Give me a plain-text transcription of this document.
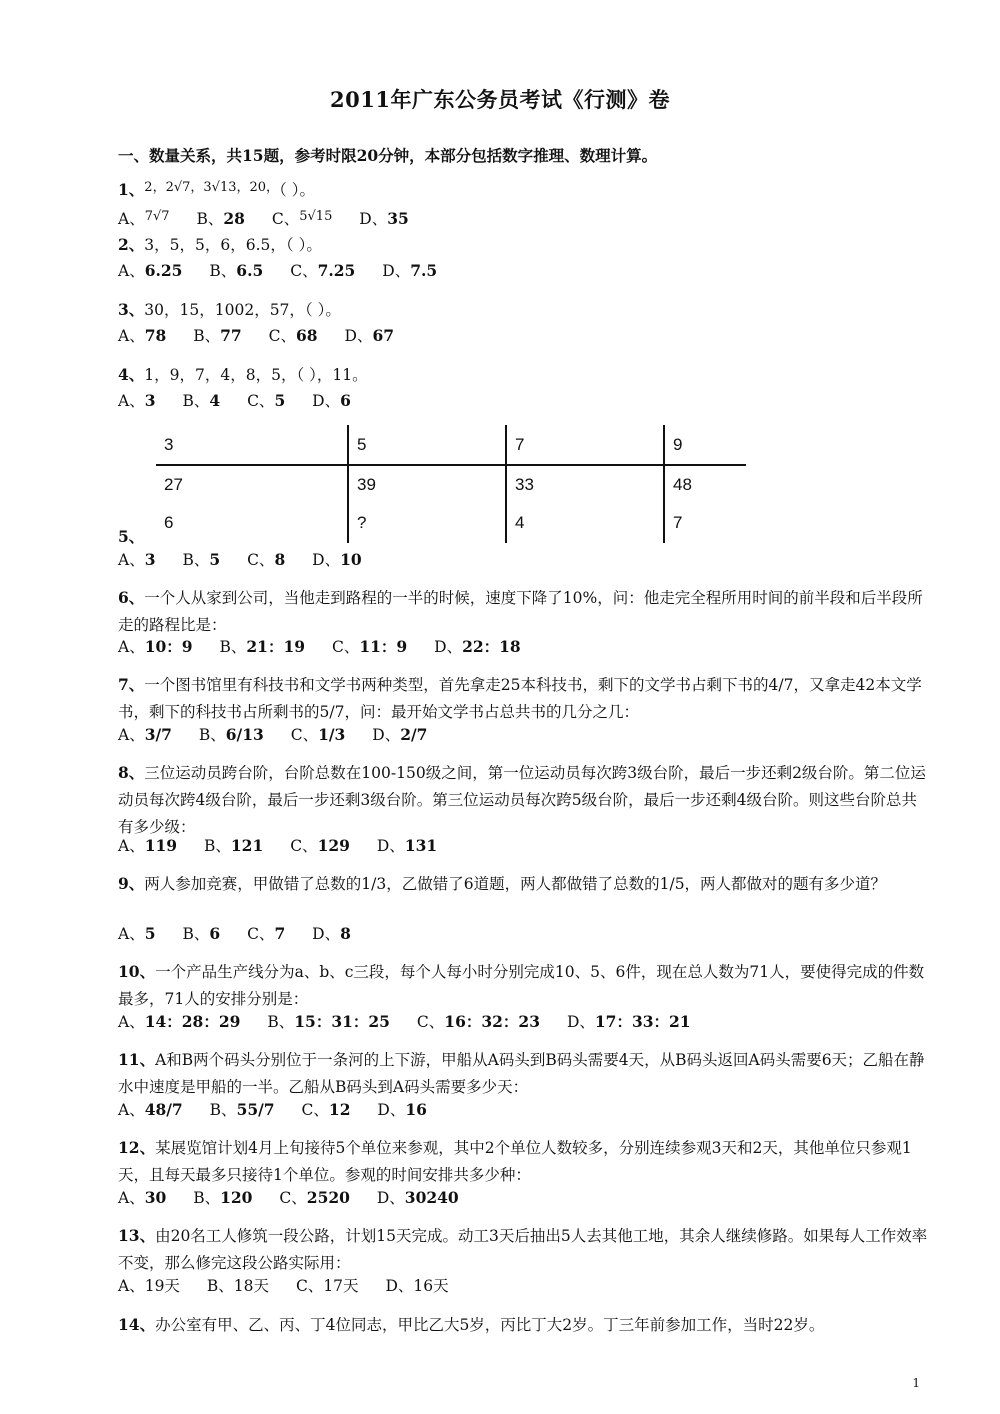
2011年广东公务员考试《行测》卷
一、数量关系，共15题，参考时限20分钟，本部分包括数字推理、数理计算。
1、$^{2,2√7,3√13,20,}$（ ）。
A、$^{7√7}$ B、28 C、$^{5√15}$ D、35
2、3，5，5，6，6.5，（ ）。
A、6.25 B、6.5 C、7.25 D、7.5
3、30，15，1002，57，（ ）。
A、78 B、77 C、68 D、67
4、1，9，7，4，8，5，（ ），11。
A、3 B、4 C、5 D、6
3	5	7	9
27	39	33	48
6	?	4	7
5、
A、3 B、5 C、8 D、10
6、一个人从家到公司，当他走到路程的一半的时候，速度下降了10%，问：他走完全程所用时间的前半段和后半段所走的路程比是：
A、10：9 B、21：19 C、11：9 D、22：18
7、一个图书馆里有科技书和文学书两种类型，首先拿走25本科技书，剩下的文学书占剩下书的4/7，又拿走42本文学书，剩下的科技书占所剩书的5/7，问：最开始文学书占总共书的几分之几：
A、3/7 B、6/13 C、1/3 D、2/7
8、三位运动员跨台阶，台阶总数在100-150级之间，第一位运动员每次跨3级台阶，最后一步还剩2级台阶。第二位运动员每次跨4级台阶，最后一步还剩3级台阶。第三位运动员每次跨5级台阶，最后一步还剩4级台阶。则这些台阶总共有多少级：
A、119 B、121 C、129 D、131
9、两人参加竞赛，甲做错了总数的1/3，乙做错了6道题，两人都做错了总数的1/5，两人都做对的题有多少道？
A、5 B、6 C、7 D、8
10、一个产品生产线分为a、b、c三段，每个人每小时分别完成10、5、6件，现在总人数为71人，要使得完成的件数最多，71人的安排分别是：
A、14：28：29 B、15：31：25 C、16：32：23 D、17：33：21
11、A和B两个码头分别位于一条河的上下游，甲船从A码头到B码头需要4天，从B码头返回A码头需要6天；乙船在静水中速度是甲船的一半。乙船从B码头到A码头需要多少天：
A、48/7 B、55/7 C、12 D、16
12、某展览馆计划4月上旬接待5个单位来参观，其中2个单位人数较多，分别连续参观3天和2天，其他单位只参观1天，且每天最多只接待1个单位。参观的时间安排共多少种：
A、30 B、120 C、2520 D、30240
13、由20名工人修筑一段公路，计划15天完成。动工3天后抽出5人去其他工地，其余人继续修路。如果每人工作效率不变，那么修完这段公路实际用：
A、19天 B、18天 C、17天 D、16天
14、办公室有甲、乙、丙、丁4位同志，甲比乙大5岁，丙比丁大2岁。丁三年前参加工作，当时22岁。
1
